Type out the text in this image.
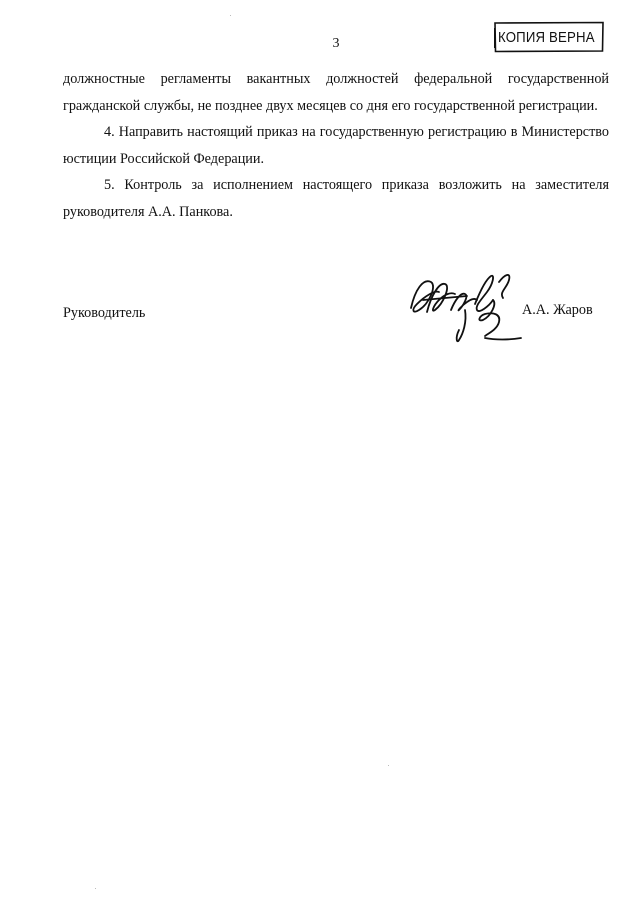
3	КОПИЯ ВЕРНА

должностные регламенты вакантных должностей федеральной государственной гражданской службы, не позднее двух месяцев со дня его государственной регистрации.

4. Направить настоящий приказ на государственную регистрацию в Министерство юстиции Российской Федерации.

5. Контроль за исполнением настоящего приказа возложить на заместителя руководителя А.А. Панкова.

Руководитель	А.А. Жаров
